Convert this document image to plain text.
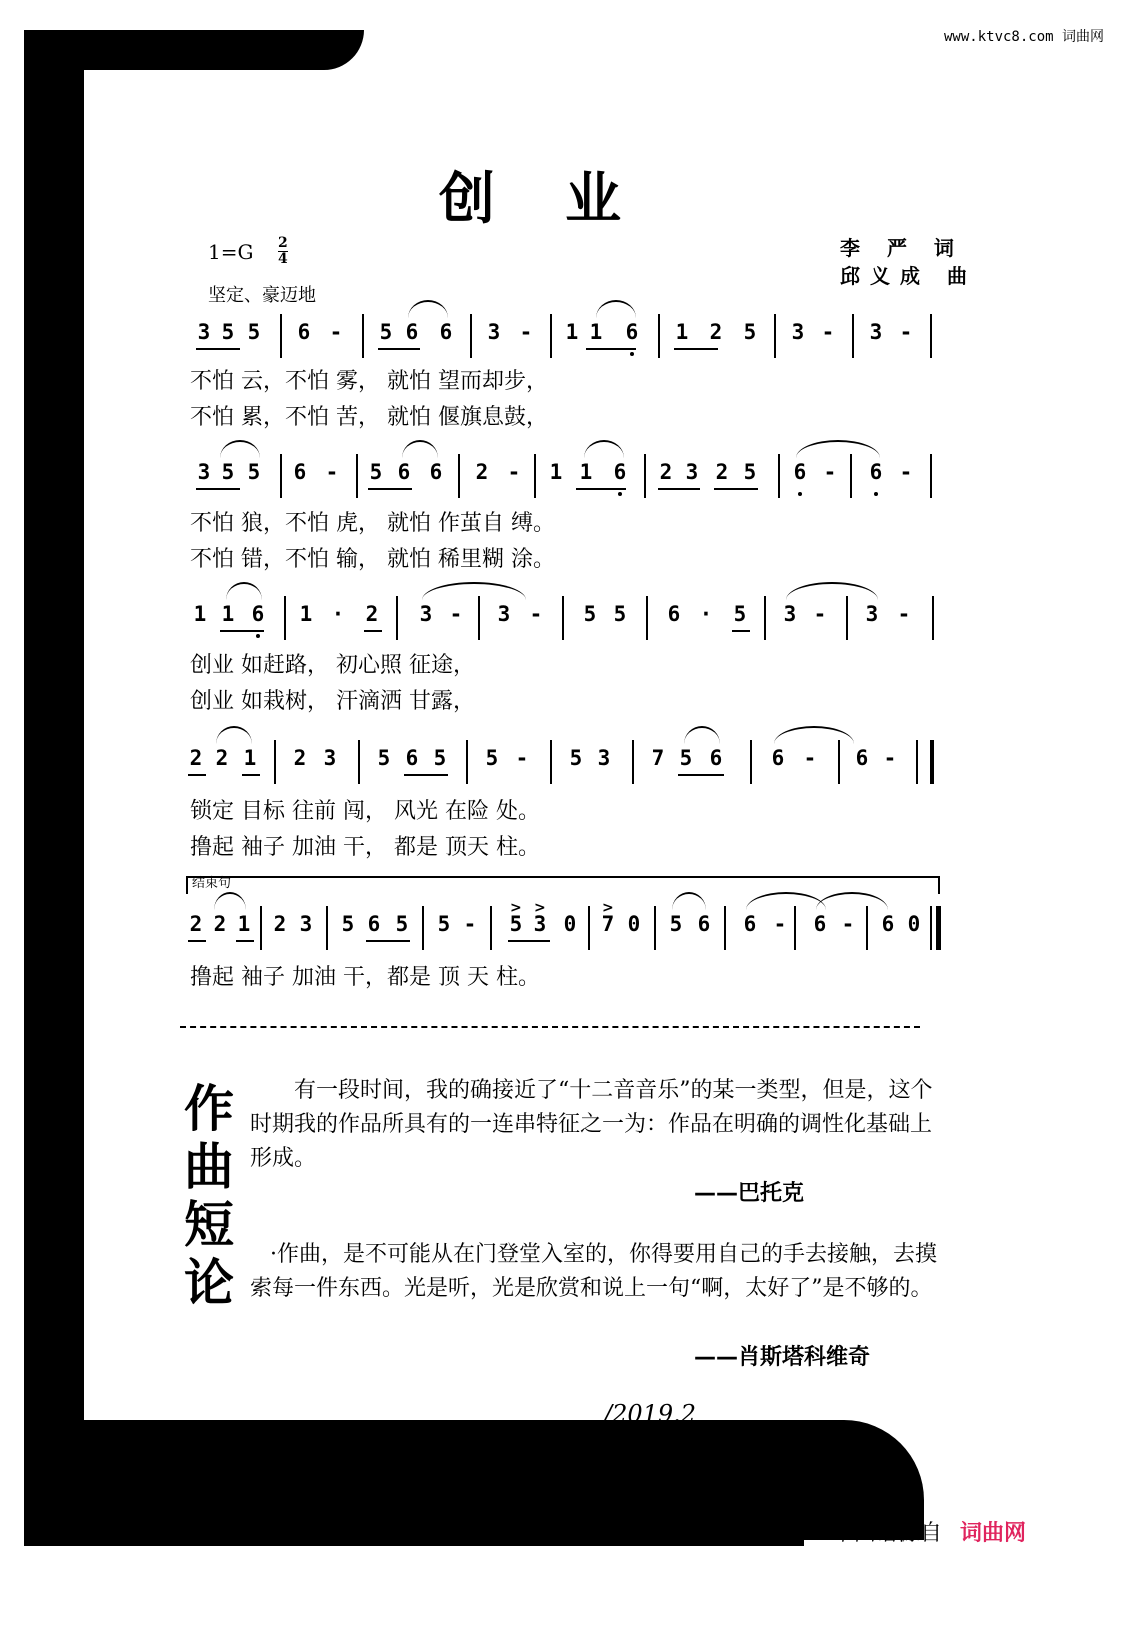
www.ktvc8.com 词曲网
创业
$1=G \frac{2}{4}$
坚定、豪迈地
李 严 词
邱义成 曲
3 5 5 6 - 5 6 6 3 - 1 1 6 1 2 5 3 - 3 -
不怕 云，不怕 雾， 就怕 望而却步，
不怕 累，不怕 苦， 就怕 偃旗息鼓，
3 5 5 6 - 5 6 6 2 - 1 1 6 2 3 2 5 6 - 6 -
不怕 狼，不怕 虎， 就怕 作茧自 缚。
不怕 错，不怕 输， 就怕 稀里糊 涂。
1 1 6 1 · 2 3 - 3 - 5 5 6 · 5 3 - 3 -
创业 如赶路， 初心照 征途，
创业 如栽树， 汗滴洒 甘露，
2 2 1 2 3 5 6 5 5 - 5 3 7 5 6 6 - 6 -
锁定 目标 往前 闯， 风光 在险 处。
撸起 袖子 加油 干， 都是 顶天 柱。
结束句
2 2 1 2 3 5 6 5 5 - 5 3 0
> >
7 0
>
5 6 6 - 6 - 6 0
撸起 袖子 加油 干，都是 顶 天 柱。
作
曲
短
论
有一段时间，我的确接近了“十二音音乐”的某一类型，但是，这个时期我的作品所具有的一连串特征之一为：作品在明确的调性化基础上形成。
——巴托克
·作曲，是不可能从在门登堂入室的，你得要用自己的手去接触，去摸索每一件东西。光是听，光是欣赏和说上一句“啊，太好了”是不够的。
——肖斯塔科维奇
/2019.2
本曲谱源自 词曲网
